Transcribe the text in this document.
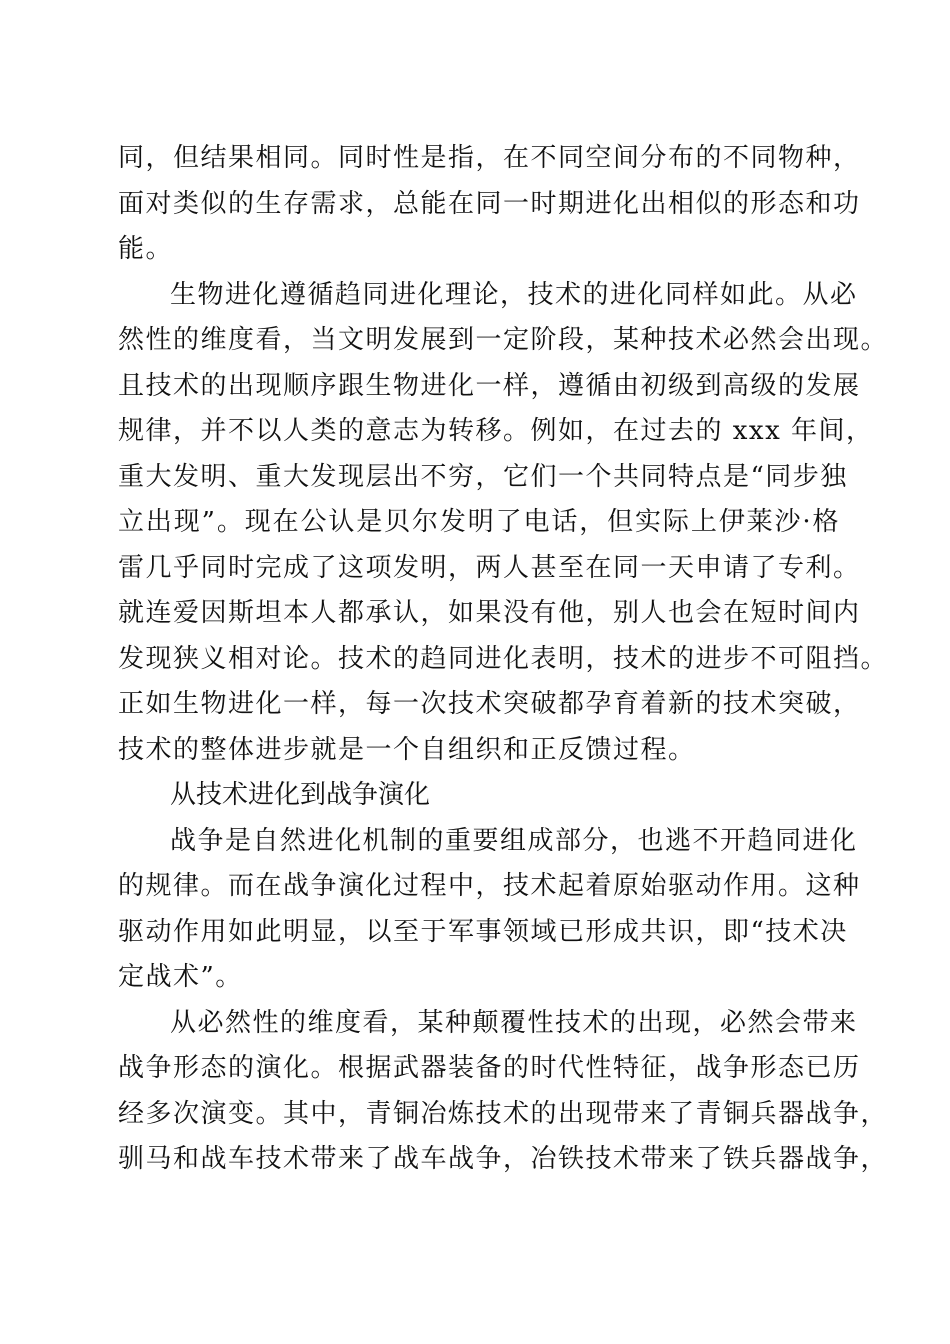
同，但结果相同。同时性是指，在不同空间分布的不同物种，
面对类似的生存需求，总能在同一时期进化出相似的形态和功
能。
生物进化遵循趋同进化理论，技术的进化同样如此。从必
然性的维度看，当文明发展到一定阶段，某种技术必然会出现。
且技术的出现顺序跟生物进化一样，遵循由初级到高级的发展
规律，并不以人类的意志为转移。例如，在过去的 xxx 年间，
重大发明、重大发现层出不穷，它们一个共同特点是“同步独
立出现”。现在公认是贝尔发明了电话，但实际上伊莱沙·格
雷几乎同时完成了这项发明，两人甚至在同一天申请了专利。
就连爱因斯坦本人都承认，如果没有他，别人也会在短时间内
发现狭义相对论。技术的趋同进化表明，技术的进步不可阻挡。
正如生物进化一样，每一次技术突破都孕育着新的技术突破，
技术的整体进步就是一个自组织和正反馈过程。
从技术进化到战争演化
战争是自然进化机制的重要组成部分，也逃不开趋同进化
的规律。而在战争演化过程中，技术起着原始驱动作用。这种
驱动作用如此明显，以至于军事领域已形成共识，即“技术决
定战术”。
从必然性的维度看，某种颠覆性技术的出现，必然会带来
战争形态的演化。根据武器装备的时代性特征，战争形态已历
经多次演变。其中，青铜冶炼技术的出现带来了青铜兵器战争，
驯马和战车技术带来了战车战争，冶铁技术带来了铁兵器战争，
